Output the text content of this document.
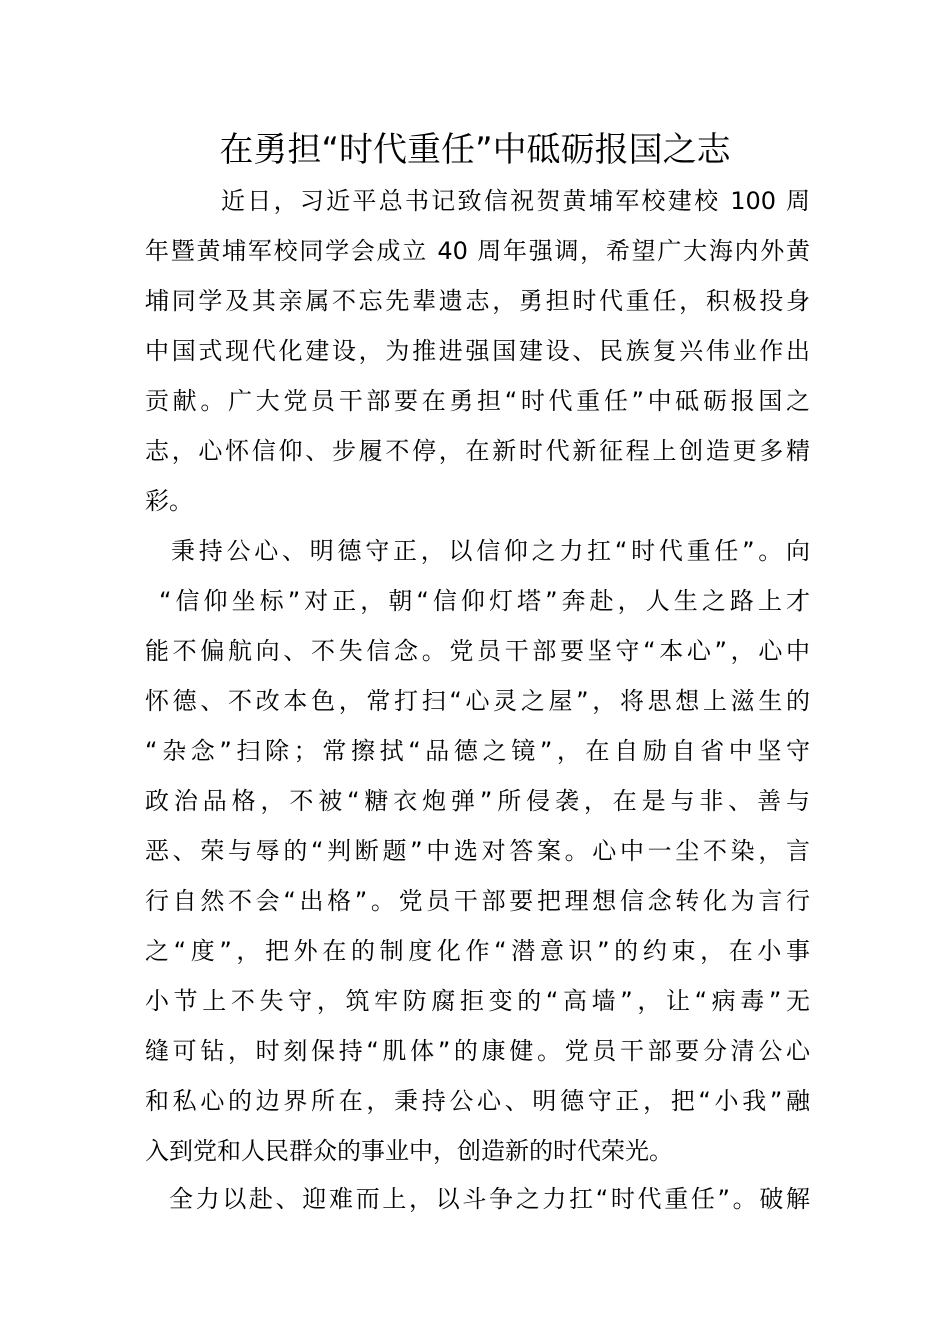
在勇担“时代重任”中砥砺报国之志
近日，习近平总书记致信祝贺黄埔军校建校 100 周
年暨黄埔军校同学会成立 40 周年强调，希望广大海内外黄
埔同学及其亲属不忘先辈遗志，勇担时代重任，积极投身
中国式现代化建设，为推进强国建设、民族复兴伟业作出
贡献。广大党员干部要在勇担“时代重任”中砥砺报国之
志，心怀信仰、步履不停，在新时代新征程上创造更多精
彩。
秉持公心、明德守正，以信仰之力扛“时代重任”。向
“信仰坐标”对正，朝“信仰灯塔”奔赴，人生之路上才
能不偏航向、不失信念。党员干部要坚守“本心”，心中
怀德、不改本色，常打扫“心灵之屋”，将思想上滋生的
“杂念”扫除；常擦拭“品德之镜”，在自励自省中坚守
政治品格，不被“糖衣炮弹”所侵袭，在是与非、善与
恶、荣与辱的“判断题”中选对答案。心中一尘不染，言
行自然不会“出格”。党员干部要把理想信念转化为言行
之“度”，把外在的制度化作“潜意识”的约束，在小事
小节上不失守，筑牢防腐拒变的“高墙”，让“病毒”无
缝可钻，时刻保持“肌体”的康健。党员干部要分清公心
和私心的边界所在，秉持公心、明德守正，把“小我”融
入到党和人民群众的事业中，创造新的时代荣光。
全力以赴、迎难而上，以斗争之力扛“时代重任”。破解
